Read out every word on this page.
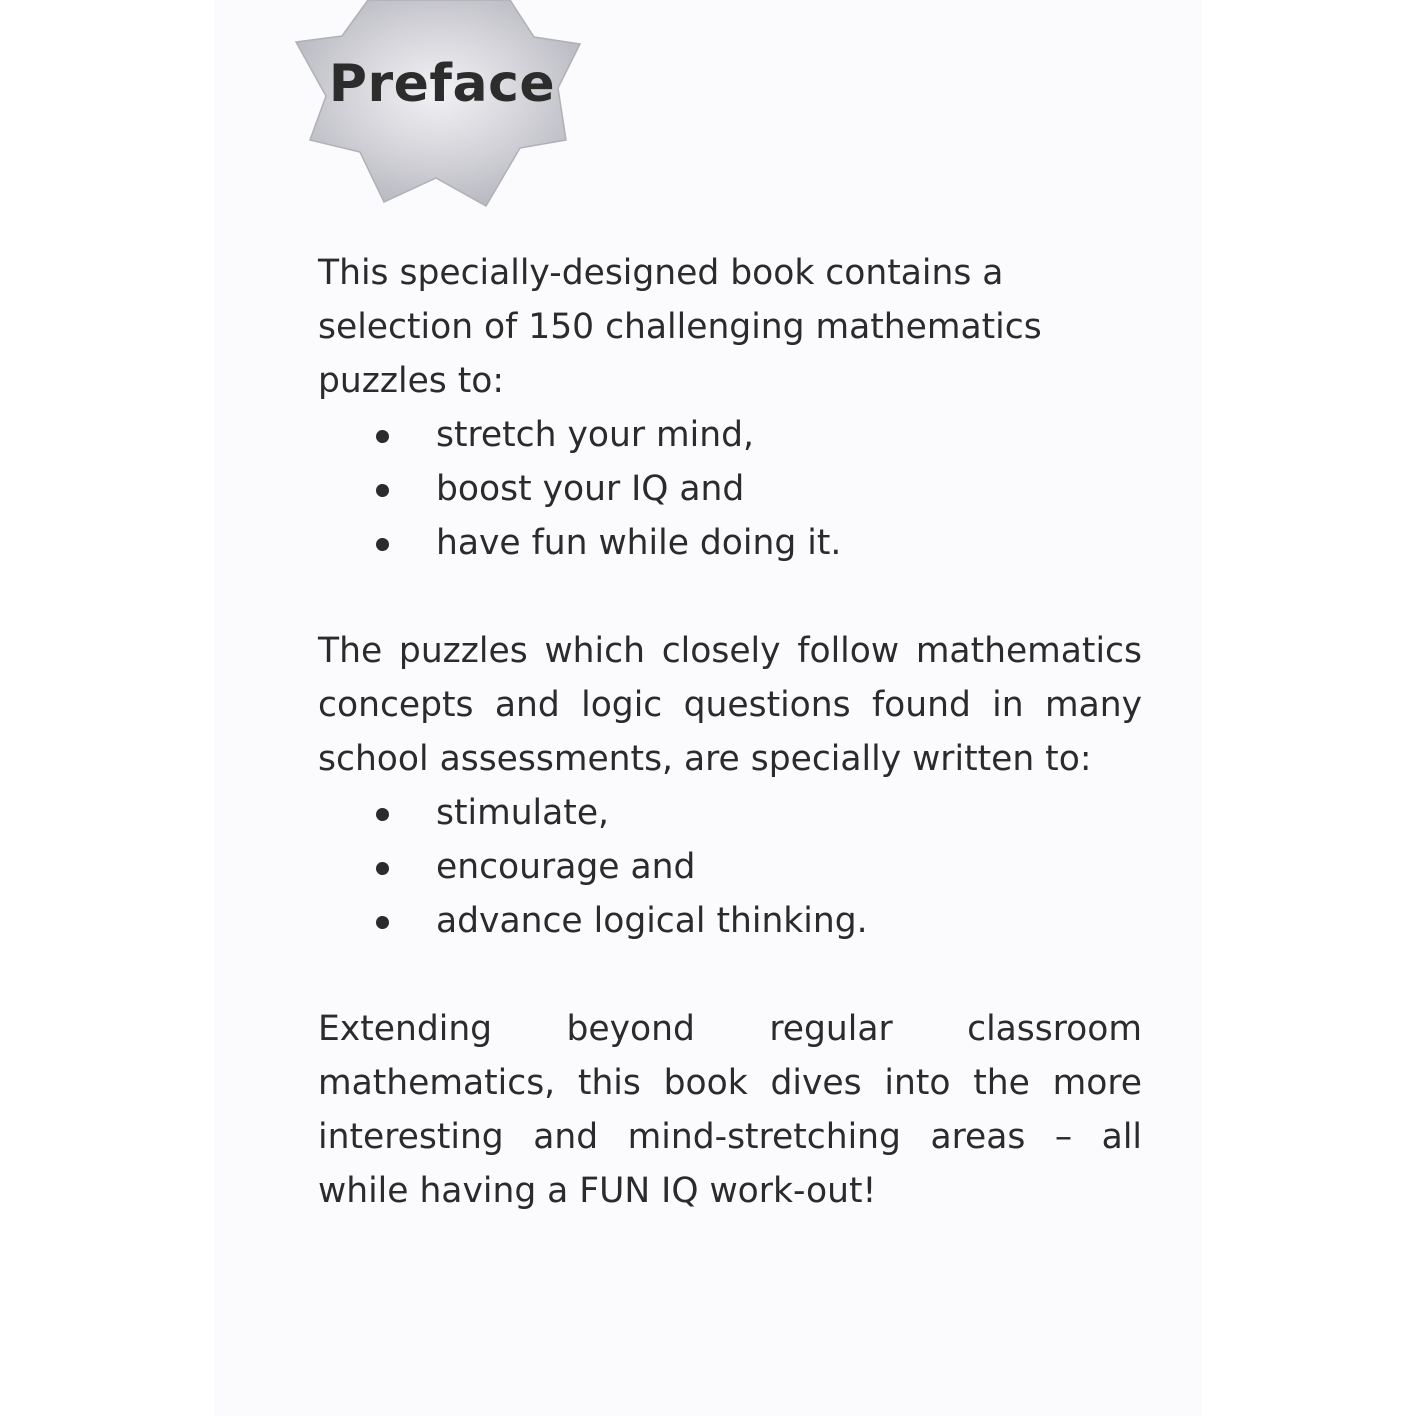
Preface

This specially-designed book contains a selection of 150 challenging mathematics puzzles to:

stretch your mind,
boost your IQ and
have fun while doing it.

The puzzles which closely follow mathematics concepts and logic questions found in many school assessments, are specially written to:

stimulate,
encourage and
advance logical thinking.

Extending beyond regular classroom mathematics, this book dives into the more interesting and mind-stretching areas – all while having a FUN IQ work-out!
